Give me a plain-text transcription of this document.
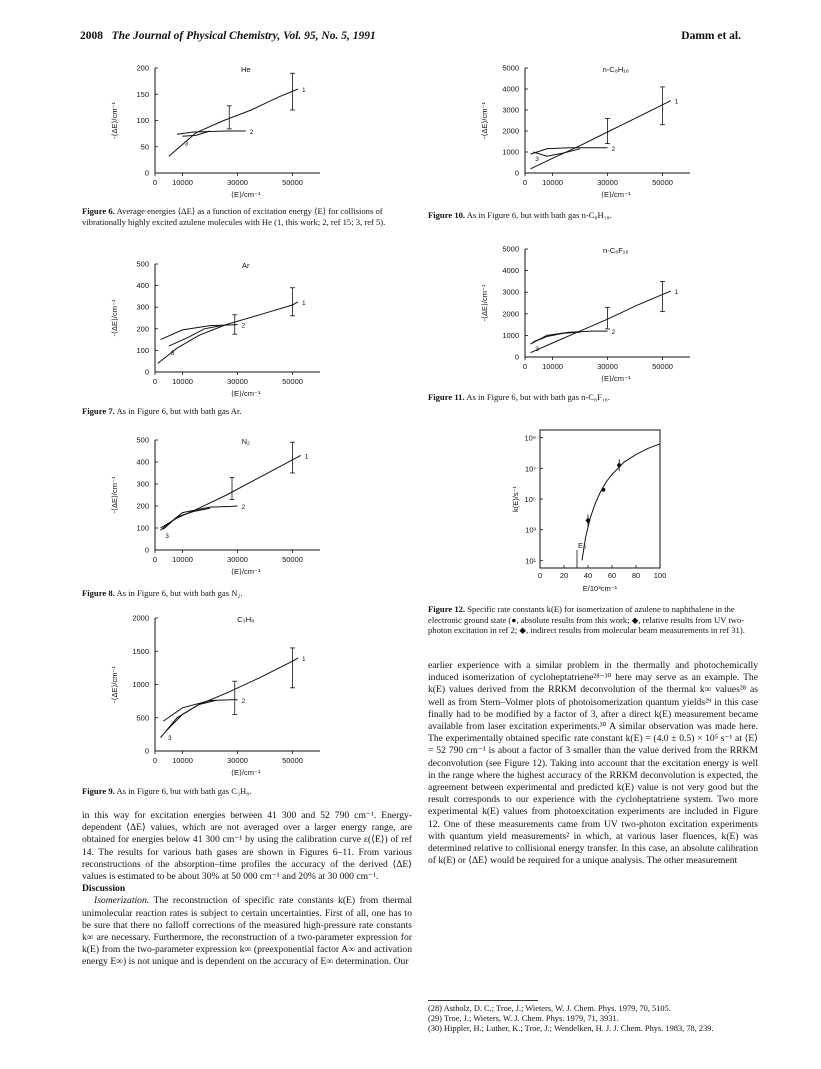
2008 The Journal of Physical Chemistry, Vol. 95, No. 5, 1991	Damm et al.
0 10000	30000	50000
0
50
100
150
200	He
⟨E⟩/cm⁻¹
-⟨ΔE⟩/cm⁻¹
1
2
3
Figure 6. Average energies ⟨ΔE⟩ as a function of excitation energy ⟨E⟩ for collisions of vibrationally highly excited azulene molecules with He (1, this work; 2, ref 15; 3, ref 5).
0 10000	30000	50000
0
100
200
300
400
500	Ar
⟨E⟩/cm⁻¹
-⟨ΔE⟩/cm⁻¹	1
2
3
Figure 7. As in Figure 6, but with bath gas Ar.
0 10000	30000	50000
0
100
200
300
400
500	N₂
⟨E⟩/cm⁻¹
-⟨ΔE⟩/cm⁻¹
1
2
3
Figure 8. As in Figure 6, but with bath gas N₂.
0 10000	30000	50000
0
500
1000
1500
2000	C₃H₈
⟨E⟩/cm⁻¹
-⟨ΔE⟩/cm⁻¹
1
2
3
Figure 9. As in Figure 6, but with bath gas C₃H₈.
0 10000	30000	50000
0
1000
2000
3000
4000
5000	n-C₈H₁₈
⟨E⟩/cm⁻¹
-⟨ΔE⟩/cm⁻¹	1
2
3
Figure 10. As in Figure 6, but with bath gas n-C₈H₁₈.
0 10000	30000	50000
0
1000
2000
3000
4000
5000	n-C₈F₁₈
⟨E⟩/cm⁻¹
-⟨ΔE⟩/cm⁻¹	1
2
3
Figure 11. As in Figure 6, but with bath gas n-C₈F₁₈.
0 20 40 60 80 100
10¹
10³
10⁵
10⁷
10⁹
E/10³cm⁻¹
k(E)/s⁻¹
E₀
Figure 12. Specific rate constants k(E) for isomerization of azulene to naphthalene in the electronic ground state (●, absolute results from this work; ◆, relative results from UV two-photon excitation in ref 2; ◆, indirect results from molecular beam measurements in ref 31).

in this way for excitation energies between 41 300 and 52 790 cm⁻¹. Energy-dependent ⟨ΔE⟩ values, which are not averaged over a larger energy range, are obtained for energies below 41 300 cm⁻¹ by using the calibration curve ε(⟨E⟩) of ref 14. The results for various bath gases are shown in Figures 6–11. From various reconstructions of the absorption–time profiles the accuracy of the derived ⟨ΔE⟩ values is estimated to be about 30% at 50 000 cm⁻¹ and 20% at 30 000 cm⁻¹.

Discussion

Isomerization. The reconstruction of specific rate constants k(E) from thermal unimolecular reaction rates is subject to certain uncertainties. First of all, one has to be sure that there no falloff corrections of the measured high-pressure rate constants k∞ are necessary. Furthermore, the reconstruction of a two-parameter expression for k(E) from the two-parameter expression k∞ (preexponential factor A∞ and activation energy E∞) is not unique and is dependent on the accuracy of E∞ determination. Our

earlier experience with a similar problem in the thermally and photochemically induced isomerization of cycloheptatriene²⁸⁻³⁰ here may serve as an example. The k(E) values derived from the RRKM deconvolution of the thermal k∞ values²⁸ as well as from Stern–Volmer plots of photoisomerization quantum yields²⁹ in this case finally had to be modified by a factor of 3, after a direct k(E) measurement became available from laser excitation experiments.³⁰ A similar observation was made here. The experimentally obtained specific rate constant k(E) = (4.0 ± 0.5) × 10⁵ s⁻¹ at ⟨E⟩ = 52 790 cm⁻¹ is about a factor of 3 smaller than the value derived from the RRKM deconvolution (see Figure 12). Taking into account that the excitation energy is well in the range where the highest accuracy of the RRKM deconvolution is expected, the agreement between experimental and predicted k(E) value is not very good but the result corresponds to our experience with the cycloheptatriene system. Two more experimental k(E) values from photoexcitation experiments are included in Figure 12. One of these measurements came from UV two-photon excitation experiments with quantum yield measurements² in which, at various laser fluences, k(E) was determined relative to collisional energy transfer. In this case, an absolute calibration of k(E) or ⟨ΔE⟩ would be required for a unique analysis. The other measurement

(28) Astholz, D. C.; Troe, J.; Wieters, W. J. Chem. Phys. 1979, 70, 5105.
(29) Troe, J.; Wieters, W. J. Chem. Phys. 1979, 71, 3931.
(30) Hippler, H.; Luther, K.; Troe, J.; Wendelken, H. J. J. Chem. Phys. 1983, 78, 239.
